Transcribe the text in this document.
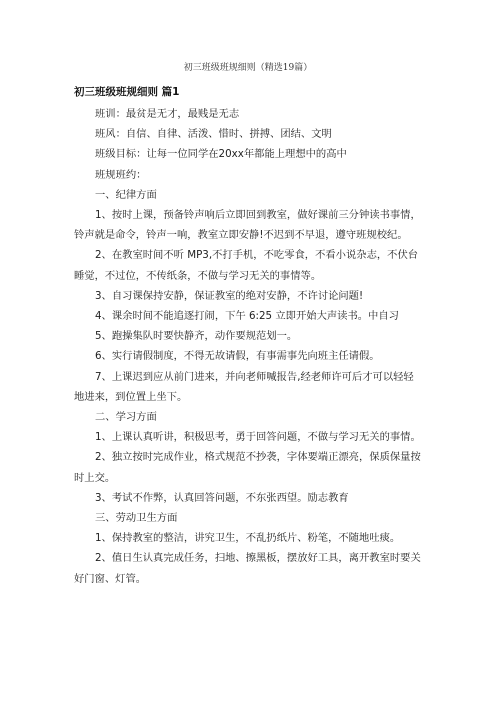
初三班级班规细则（精选19篇）
初三班级班规细则 篇1

班训：最贫是无才，最贱是无志

班风：自信、自律、活泼、惜时、拼搏、团结、文明

班级目标：让每一位同学在20xx年都能上理想中的高中

班规班约：

一、纪律方面

1、按时上课，预备铃声响后立即回到教室，做好课前三分钟读书事情，铃声就是命令，铃声一响，教室立即安静!不迟到不早退，遵守班规校纪。

2、在教室时间不听 MP3,不打手机，不吃零食，不看小说杂志，不伏台睡觉，不过位，不传纸条，不做与学习无关的事情等。

3、自习课保持安静，保证教室的绝对安静，不许讨论问题!

4、课余时间不能追逐打闹，下午 6:25 立即开始大声读书。中自习

5、跑操集队时要快静齐，动作要规范划一。

6、实行请假制度，不得无故请假，有事需事先向班主任请假。

7、上课迟到应从前门进来，并向老师喊报告,经老师许可后才可以轻轻地进来，到位置上坐下。

二、学习方面

1、上课认真听讲，积极思考，勇于回答问题，不做与学习无关的事情。

2、独立按时完成作业，格式规范不抄袭，字体要端正漂亮，保质保量按时上交。

3、考试不作弊，认真回答问题，不东张西望。励志教育

三、劳动卫生方面

1、保持教室的整洁，讲究卫生，不乱扔纸片、粉笔，不随地吐痰。

2、值日生认真完成任务，扫地、擦黑板，摆放好工具，离开教室时要关好门窗、灯管。
